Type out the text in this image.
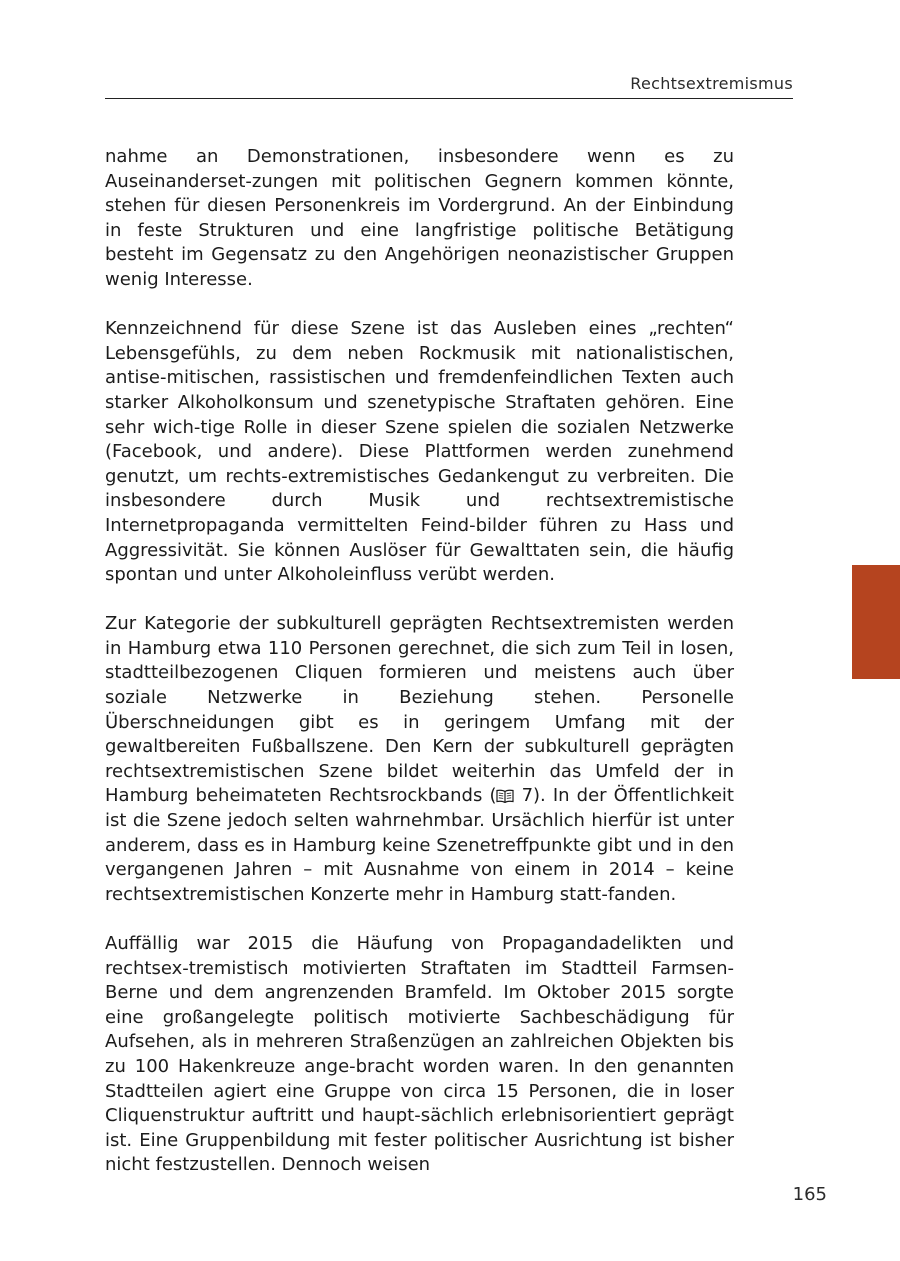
Rechtsextremismus

nahme an Demonstrationen, insbesondere wenn es zu Auseinanderset-zungen mit politischen Gegnern kommen könnte, stehen für diesen Personenkreis im Vordergrund. An der Einbindung in feste Strukturen und eine langfristige politische Betätigung besteht im Gegensatz zu den Angehörigen neonazistischer Gruppen wenig Interesse.

Kennzeichnend für diese Szene ist das Ausleben eines „rechten“ Lebensgefühls, zu dem neben Rockmusik mit nationalistischen, antise-mitischen, rassistischen und fremdenfeindlichen Texten auch starker Alkoholkonsum und szenetypische Straftaten gehören. Eine sehr wich-tige Rolle in dieser Szene spielen die sozialen Netzwerke (Facebook, und andere). Diese Plattformen werden zunehmend genutzt, um rechts-extremistisches Gedankengut zu verbreiten. Die insbesondere durch Musik und rechtsextremistische Internetpropaganda vermittelten Feind-bilder führen zu Hass und Aggressivität. Sie können Auslöser für Gewalttaten sein, die häufig spontan und unter Alkoholeinfluss verübt werden.

Zur Kategorie der subkulturell geprägten Rechtsextremisten werden in Hamburg etwa 110 Personen gerechnet, die sich zum Teil in losen, stadtteilbezogenen Cliquen formieren und meistens auch über soziale Netzwerke in Beziehung stehen. Personelle Überschneidungen gibt es in geringem Umfang mit der gewaltbereiten Fußballszene. Den Kern der subkulturell geprägten rechtsextremistischen Szene bildet weiterhin das Umfeld der in Hamburg beheimateten Rechtsrockbands (
7). In der Öffentlichkeit ist die Szene jedoch selten wahrnehmbar. Ursächlich hierfür ist unter anderem, dass es in Hamburg keine Szenetreffpunkte gibt und in den vergangenen Jahren – mit Ausnahme von einem in 2014 – keine rechtsextremistischen Konzerte mehr in Hamburg statt-fanden.

Auffällig war 2015 die Häufung von Propagandadelikten und rechtsex-tremistisch motivierten Straftaten im Stadtteil Farmsen-Berne und dem angrenzenden Bramfeld. Im Oktober 2015 sorgte eine großangelegte politisch motivierte Sachbeschädigung für Aufsehen, als in mehreren Straßenzügen an zahlreichen Objekten bis zu 100 Hakenkreuze ange-bracht worden waren. In den genannten Stadtteilen agiert eine Gruppe von circa 15 Personen, die in loser Cliquenstruktur auftritt und haupt-sächlich erlebnisorientiert geprägt ist. Eine Gruppenbildung mit fester politischer Ausrichtung ist bisher nicht festzustellen. Dennoch weisen

165
